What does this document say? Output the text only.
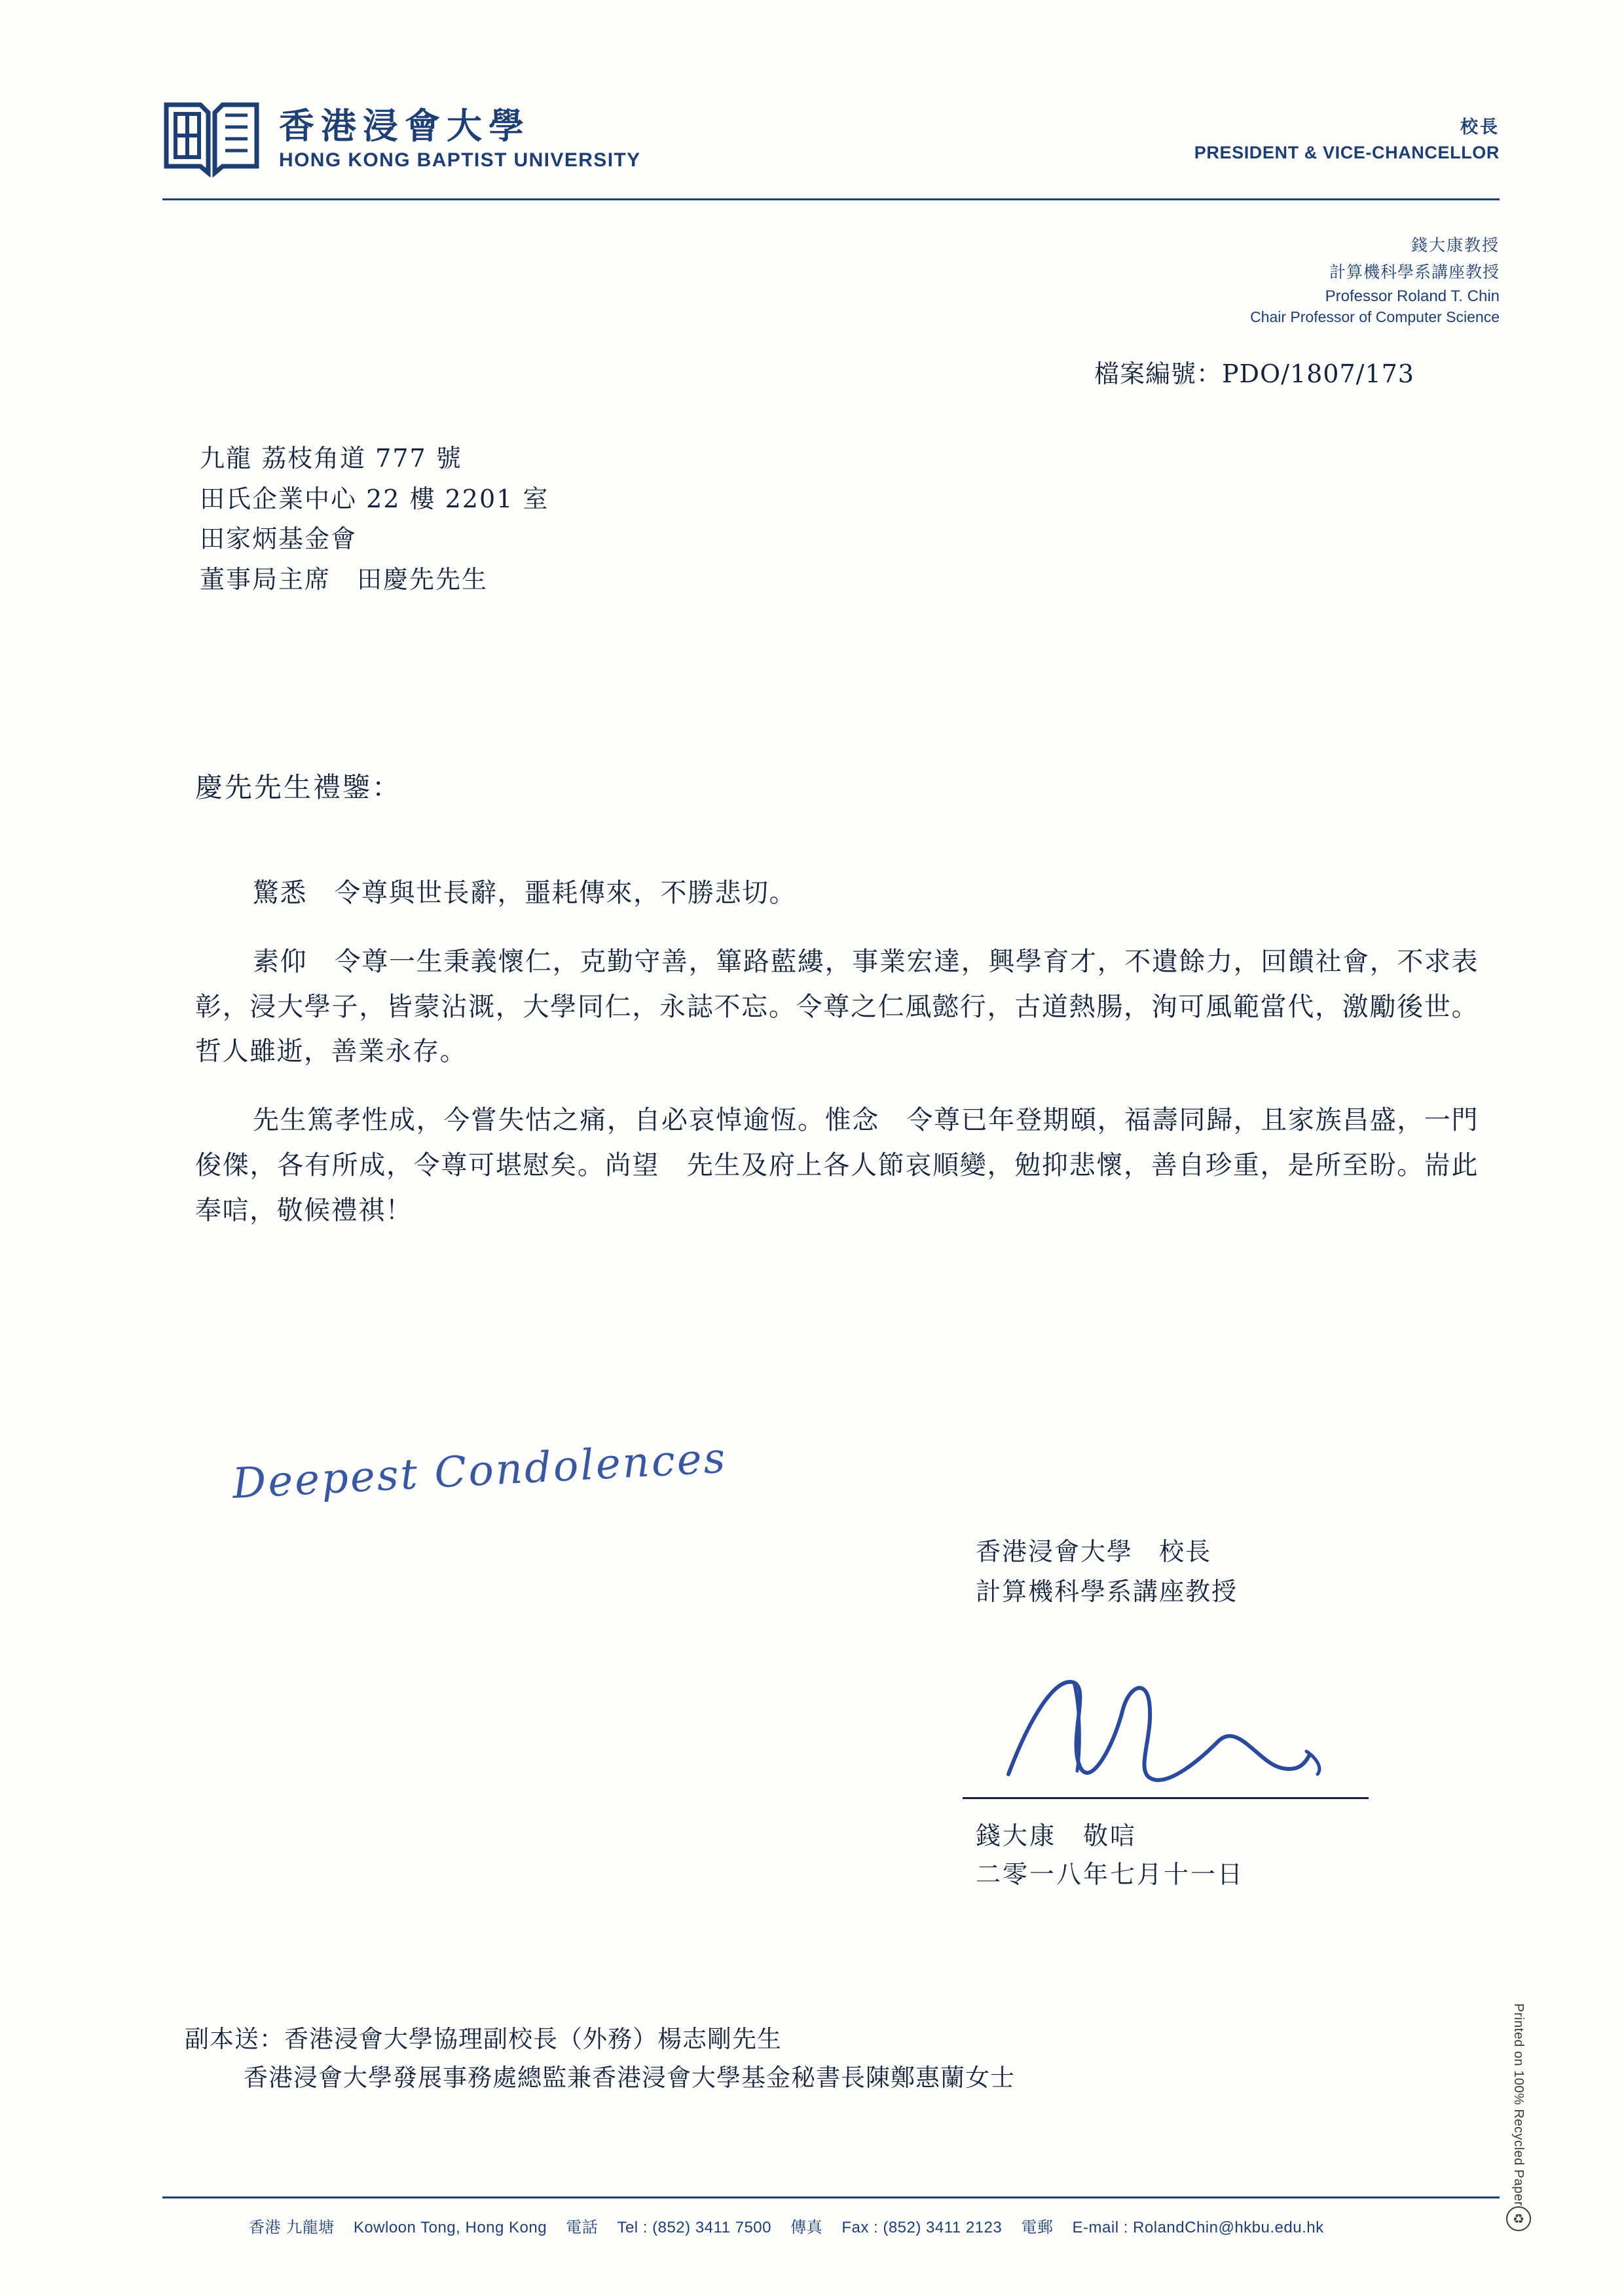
香港浸會大學
HONG KONG BAPTIST UNIVERSITY
校長
PRESIDENT & VICE-CHANCELLOR
錢大康教授
計算機科學系講座教授
Professor Roland T. Chin
Chair Professor of Computer Science
檔案編號：PDO/1807/173
九龍 荔枝角道 777 號
田氏企業中心 22 樓 2201 室
田家炳基金會
董事局主席　田慶先先生
慶先先生禮鑒：
驚悉　令尊與世長辭，噩耗傳來，不勝悲切。
素仰　令尊一生秉義懷仁，克勤守善，篳路藍縷，事業宏達，興學育才，不遺餘力，回饋社會，不求表彰，浸大學子，皆蒙沾溉，大學同仁，永誌不忘。令尊之仁風懿行，古道熱腸，洵可風範當代，激勵後世。哲人雖逝，善業永存。
先生篤孝性成，今嘗失怙之痛，自必哀悼逾恆。惟念　令尊已年登期頤，福壽同歸，且家族昌盛，一門俊傑，各有所成，令尊可堪慰矣。尚望　先生及府上各人節哀順變，勉抑悲懷，善自珍重，是所至盼。耑此奉唁，敬候禮祺！
Deepest Condolences
香港浸會大學　校長
計算機科學系講座教授
錢大康　敬唁
二零一八年七月十一日
副本送：香港浸會大學協理副校長（外務）楊志剛先生
香港浸會大學發展事務處總監兼香港浸會大學基金秘書長陳鄭惠蘭女士	Printed on 100% Recycled Paper
♻
香港 九龍塘 Kowloon Tong, Hong Kong 電話 Tel : (852) 3411 7500 傳真 Fax : (852) 3411 2123 電郵 E-mail : RolandChin@hkbu.edu.hk
